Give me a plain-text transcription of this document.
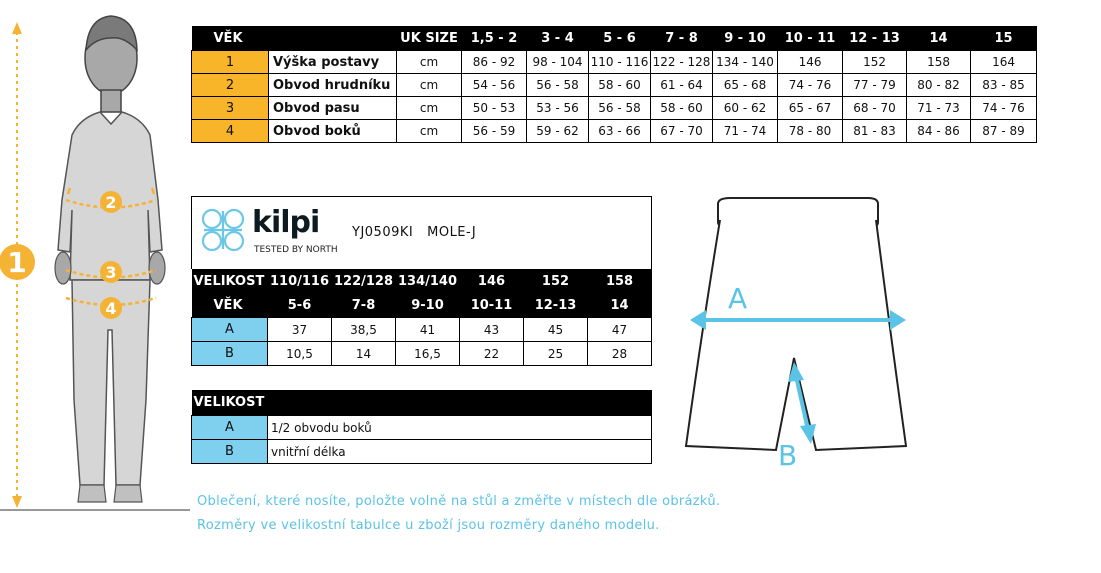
1
2
3
4
VĚK		UK SIZE	1,5 - 2	3 - 4	5 - 6	7 - 8	9 - 10	10 - 11	12 - 13	14	15
1	Výška postavy	cm	86 - 92	98 - 104	110 - 116	122 - 128	134 - 140	146	152	158	164
2	Obvod hrudníku	cm	54 - 56	56 - 58	58 - 60	61 - 64	65 - 68	74 - 76	77 - 79	80 - 82	83 - 85
3	Obvod pasu	cm	50 - 53	53 - 56	56 - 58	58 - 60	60 - 62	65 - 67	68 - 70	71 - 73	74 - 76
4	Obvod boků	cm	56 - 59	59 - 62	63 - 66	67 - 70	71 - 74	78 - 80	81 - 83	84 - 86	87 - 89
kilpi
TESTED BY NORTH
YJ0509KI   MOLE-J						

VELIKOST	110/116	122/128	134/140	146	152	158
VĚK	5-6	7-8	9-10	10-11	12-13	14
A	37	38,5	41	43	45	47
B	10,5	14	16,5	22	25	28
VELIKOST	
A	1/2 obvodu boků
B	vnitřní délka
A
B
Oblečení, které nosíte, položte volně na stůl a změřte v místech dle obrázků.
Rozměry ve velikostní tabulce u zboží jsou rozměry daného modelu.
